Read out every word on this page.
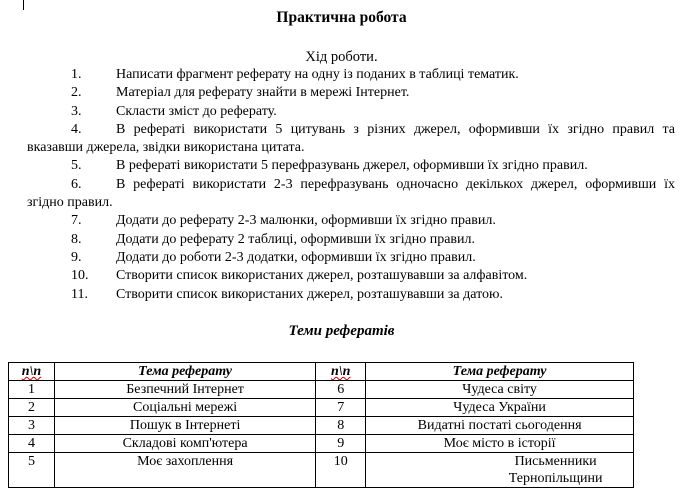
Практична робота
Хід роботи.
1. Написати фрагмент реферату на одну із поданих в таблиці тематик.
2. Матеріал для реферату знайти в мережі Інтернет.
3. Скласти зміст до реферату.
4. В рефераті використати 5 цитувань з різних джерел, оформивши їх згідно правил та вказавши джерела, звідки використана цитата.
5. В рефераті використати 5 перефразувань джерел, оформивши їх згідно правил.
6. В рефераті використати 2-3 перефразувань одночасно декількох джерел, оформивши їх згідно правил.
7. Додати до реферату 2-3 малюнки, оформивши їх згідно правил.
8. Додати до реферату 2 таблиці, оформивши їх згідно правил.
9. Додати до роботи 2-3 додатки, оформивши їх згідно правил.
10. Створити список використаних джерел, розташувавши за алфавітом.
11. Створити список використаних джерел, розташувавши за датою.
Теми рефератів
п\п	Тема реферату	п\п	Тема реферату
1	Безпечний Інтернет	6	Чудеса світу
2	Соціальні мережі	7	Чудеса України
3	Пошук в Інтернеті	8	Видатні постаті сьогодення
4	Складові комп'ютера	9	Моє місто в історії
5	Моє захоплення	10	Письменники Тернопільщини
